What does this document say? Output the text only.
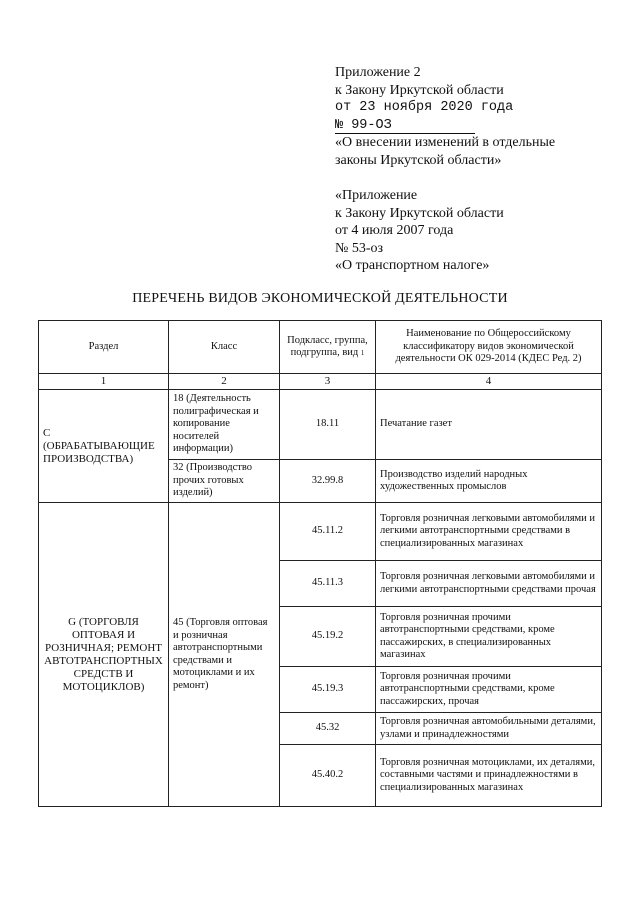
Приложение 2
к Закону Иркутской области
от 23 ноября 2020 года
№ 99-ОЗ
«О внесении изменений в отдельные
законы Иркутской области»
«Приложение
к Закону Иркутской области
от 4 июля 2007 года
№ 53-оз
«О транспортном налоге»
ПЕРЕЧЕНЬ ВИДОВ ЭКОНОМИЧЕСКОЙ ДЕЯТЕЛЬНОСТИ
Раздел	Класс	Подкласс, группа, подгруппа, вид $^1$	Наименование по Общероссийскому классификатору видов экономической деятельности ОК 029-2014 (КДЕС Ред. 2)
1	2	3	4
С (ОБРАБАТЫВАЮЩИЕ ПРОИЗВОДСТВА)	18 (Деятельность полиграфическая и копирование носителей информации)	18.11	Печатание газет
	32 (Производство прочих готовых изделий)	32.99.8	Производство изделий народных художественных промыслов
G (ТОРГОВЛЯ ОПТОВАЯ И РОЗНИЧНАЯ; РЕМОНТ АВТОТРАНСПОРТНЫХ СРЕДСТВ И МОТОЦИКЛОВ)	45 (Торговля оптовая и розничная автотранспортными средствами и мотоциклами и их ремонт)	45.11.2	Торговля розничная легковыми автомобилями и легкими автотранспортными средствами в специализированных магазинах
		45.11.3	Торговля розничная легковыми автомобилями и легкими автотранспортными средствами прочая
		45.19.2	Торговля розничная прочими автотранспортными средствами, кроме пассажирских, в специализированных магазинах
		45.19.3	Торговля розничная прочими автотранспортными средствами, кроме пассажирских, прочая
		45.32	Торговля розничная автомобильными деталями, узлами и принадлежностями
		45.40.2	Торговля розничная мотоциклами, их деталями, составными частями и принадлежностями в специализированных магазинах
